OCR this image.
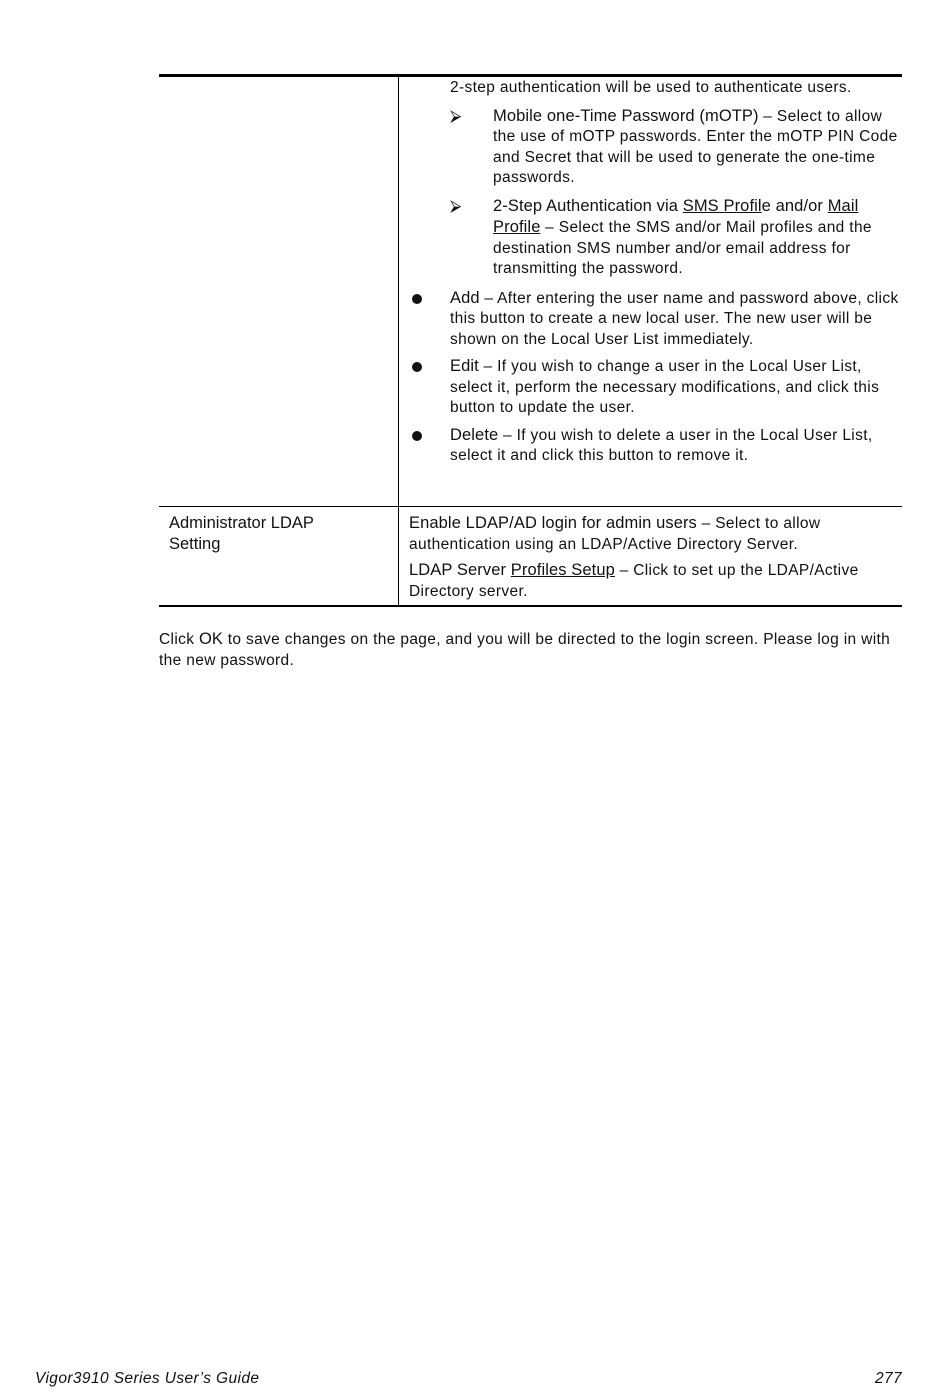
2-step authentication will be used to authenticate users.

⮚ Mobile one-Time Password (mOTP) – Select to allow the use of mOTP passwords. Enter the mOTP PIN Code and Secret that will be used to generate the one-time passwords.
⮚ 2-Step Authentication via SMS Profile and/or Mail Profile – Select the SMS and/or Mail profiles and the destination SMS number and/or email address for transmitting the password.
Add – After entering the user name and password above, click this button to create a new local user. The new user will be shown on the Local User List immediately.
Edit – If you wish to change a user in the Local User List, select it, perform the necessary modifications, and click this button to update the user.
Delete – If you wish to delete a user in the Local User List, select it and click this button to remove it.
Administrator LDAP Setting

Enable LDAP/AD login for admin users – Select to allow authentication using an LDAP/Active Directory Server.

LDAP Server Profiles Setup – Click to set up the LDAP/Active Directory server.

Click OK to save changes on the page, and you will be directed to the login screen. Please log in with the new password.

Vigor3910 Series User’s Guide	277
